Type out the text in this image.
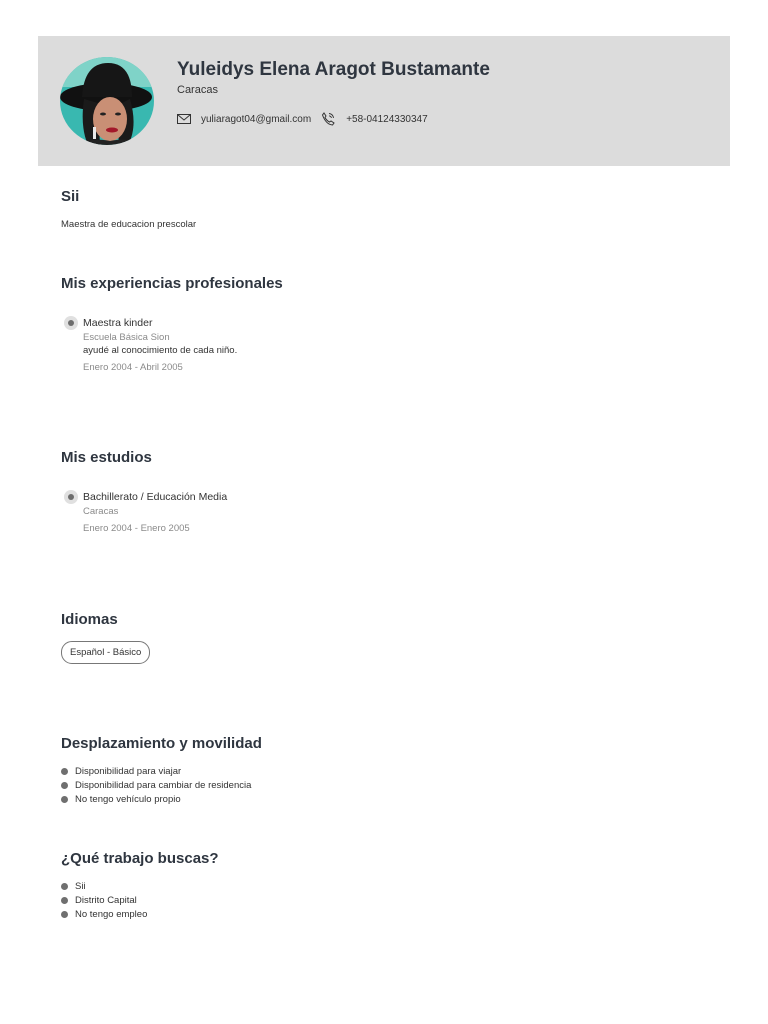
Yuleidys Elena Aragot Bustamante
Caracas
yuliaragot04@gmail.com	+58-04124330347
Sii
Maestra de educacion prescolar
Mis experiencias profesionales
Maestra kinder
Escuela Básica Sion
ayudé al conocimiento de cada niño.
Enero 2004 - Abril 2005
Mis estudios
Bachillerato / Educación Media
Caracas
Enero 2004 - Enero 2005
Idiomas
Español - Básico
Desplazamiento y movilidad
Disponibilidad para viajar
Disponibilidad para cambiar de residencia
No tengo vehículo propio
¿Qué trabajo buscas?
Sii
Distrito Capital
No tengo empleo
